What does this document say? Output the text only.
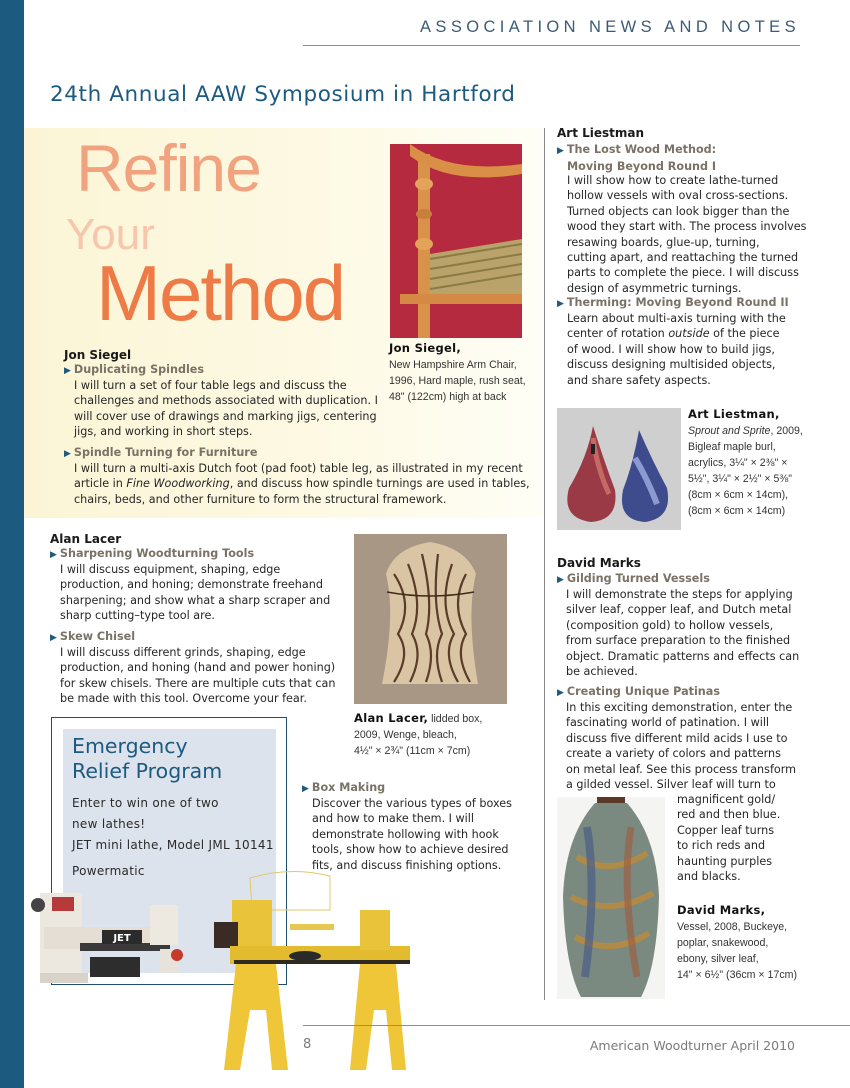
ASSOCIATION NEWS AND NOTES
24th Annual AAW Symposium in Hartford
Refine
Your
Method
Jon Siegel
▶ Duplicating Spindles
I will turn a set of four table legs and discuss the
challenges and methods associated with duplication. I
will cover use of drawings and marking jigs, centering
jigs, and working in short steps.
▶ Spindle Turning for Furniture
I will turn a multi-axis Dutch foot (pad foot) table leg, as illustrated in my recent
article in Fine Woodworking, and discuss how spindle turnings are used in tables,
chairs, beds, and other furniture to form the structural framework.
Jon Siegel,
New Hampshire Arm Chair,
1996, Hard maple, rush seat,
48" (122cm) high at back
Art Liestman
▶ The Lost Wood Method:
Moving Beyond Round I
I will show how to create lathe-turned
hollow vessels with oval cross-sections.
Turned objects can look bigger than the
wood they start with. The process involves
resawing boards, glue-up, turning,
cutting apart, and reattaching the turned
parts to complete the piece. I will discuss
design of asymmetric turnings.
▶ Therming: Moving Beyond Round II
Learn about multi-axis turning with the
center of rotation outside of the piece
of wood. I will show how to build jigs,
discuss designing multisided objects,
and share safety aspects.
Art Liestman,
Sprout and Sprite, 2009,
Bigleaf maple burl,
acrylics, 3¼" × 2⅜" ×
5½", 3¼" × 2½" × 5⅜"
(8cm × 6cm × 14cm),
(8cm × 6cm × 14cm)
Alan Lacer
▶ Sharpening Woodturning Tools
I will discuss equipment, shaping, edge
production, and honing; demonstrate freehand
sharpening; and show what a sharp scraper and
sharp cutting–type tool are.
▶ Skew Chisel
I will discuss different grinds, shaping, edge
production, and honing (hand and power honing)
for skew chisels. There are multiple cuts that can
be made with this tool. Overcome your fear.
Alan Lacer, lidded box,
2009, Wenge, bleach,
4½" × 2¾" (11cm × 7cm)
▶ Box Making
Discover the various types of boxes
and how to make them. I will
demonstrate hollowing with hook
tools, show how to achieve desired
fits, and discuss finishing options.
Emergency
Relief Program
Enter to win one of two
new lathes!
JET mini lathe, Model JML 10141
Powermatic
JET
David Marks
▶ Gilding Turned Vessels
I will demonstrate the steps for applying
silver leaf, copper leaf, and Dutch metal
(composition gold) to hollow vessels,
from surface preparation to the finished
object. Dramatic patterns and effects can
be achieved.
▶ Creating Unique Patinas
In this exciting demonstration, enter the
fascinating world of patination. I will
discuss five different mild acids I use to
create a variety of colors and patterns
on metal leaf. See this process transform
a gilded vessel. Silver leaf will turn to
magnificent gold/
red and then blue.
Copper leaf turns
to rich reds and
haunting purples
and blacks.
David Marks,
Vessel, 2008, Buckeye,
poplar, snakewood,
ebony, silver leaf,
14" × 6½" (36cm × 17cm)
8	American Woodturner April 2010
